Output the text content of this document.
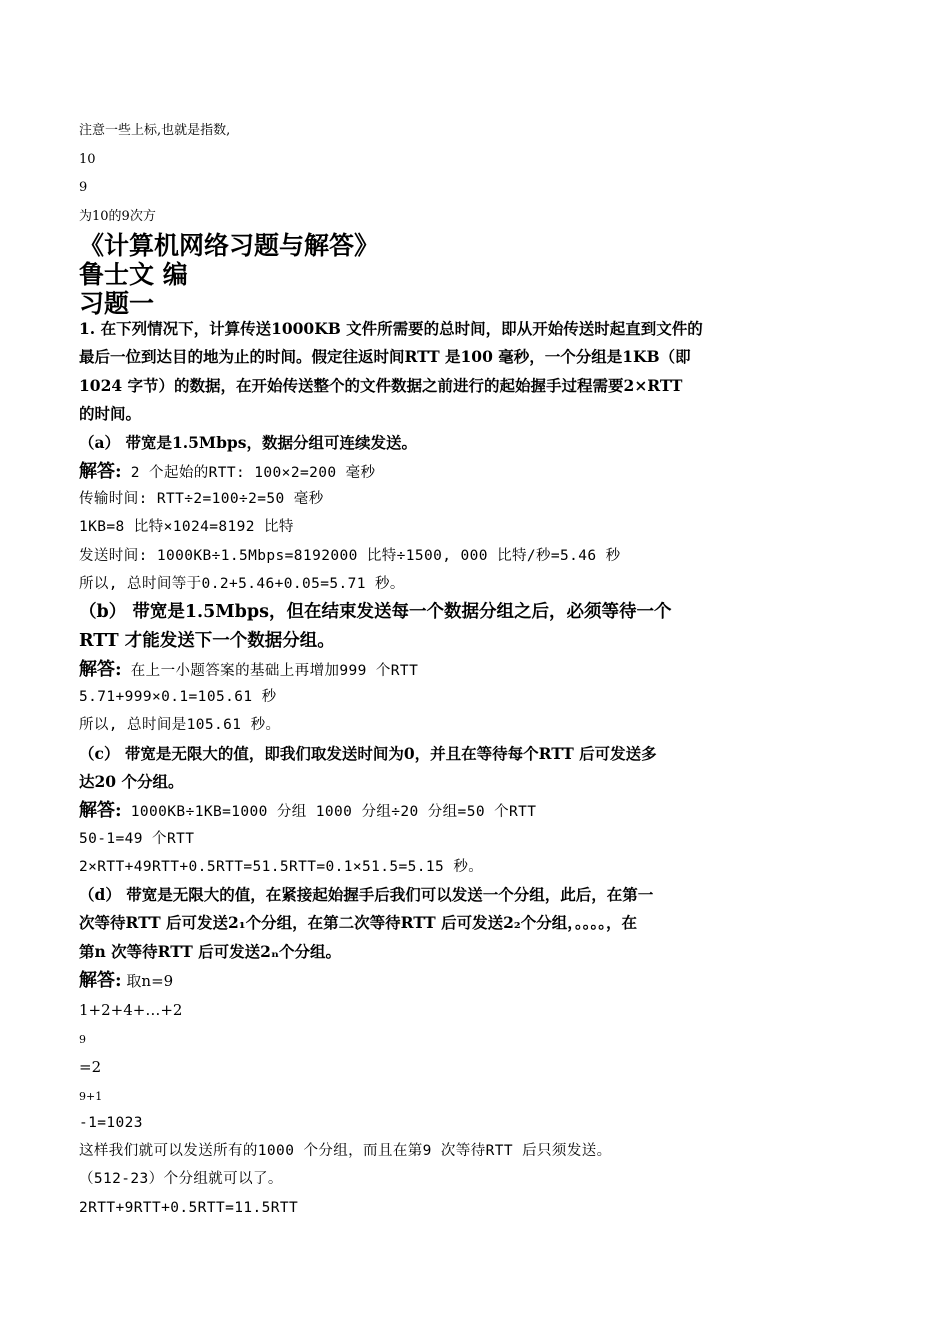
注意一些上标,也就是指数,
10
9
为10的9次方
《计算机网络习题与解答》
鲁士文 编
习题一
1. 在下列情况下，计算传送1000KB 文件所需要的总时间，即从开始传送时起直到文件的
最后一位到达目的地为止的时间。假定往返时间RTT 是100 毫秒，一个分组是1KB（即
1024 字节）的数据，在开始传送整个的文件数据之前进行的起始握手过程需要2×RTT
的时间。
（a） 带宽是1.5Mbps，数据分组可连续发送。
解答: 2 个起始的RTT: 100×2=200 毫秒
传输时间: RTT÷2=100÷2=50 毫秒
1KB=8 比特×1024=8192 比特
发送时间: 1000KB÷1.5Mbps=8192000 比特÷1500, 000 比特/秒=5.46 秒
所以, 总时间等于0.2+5.46+0.05=5.71 秒。
（b） 带宽是1.5Mbps，但在结束发送每一个数据分组之后，必须等待一个
RTT 才能发送下一个数据分组。
解答: 在上一小题答案的基础上再增加999 个RTT
5.71+999×0.1=105.61 秒
所以, 总时间是105.61 秒。
（c） 带宽是无限大的值，即我们取发送时间为0，并且在等待每个RTT 后可发送多
达20 个分组。
解答: 1000KB÷1KB=1000 分组 1000 分组÷20 分组=50 个RTT
50-1=49 个RTT
2×RTT+49RTT+0.5RTT=51.5RTT=0.1×51.5=5.15 秒。
（d） 带宽是无限大的值，在紧接起始握手后我们可以发送一个分组，此后，在第一
次等待RTT 后可发送2₁个分组，在第二次等待RTT 后可发送2₂个分组，。。。。，在
第n 次等待RTT 后可发送2ₙ个分组。
解答: 取n=9
1+2+4+…+2
9
=2
9+1
-1=1023
这样我们就可以发送所有的1000 个分组，而且在第9 次等待RTT 后只须发送。
（512-23）个分组就可以了。
2RTT+9RTT+0.5RTT=11.5RTT
